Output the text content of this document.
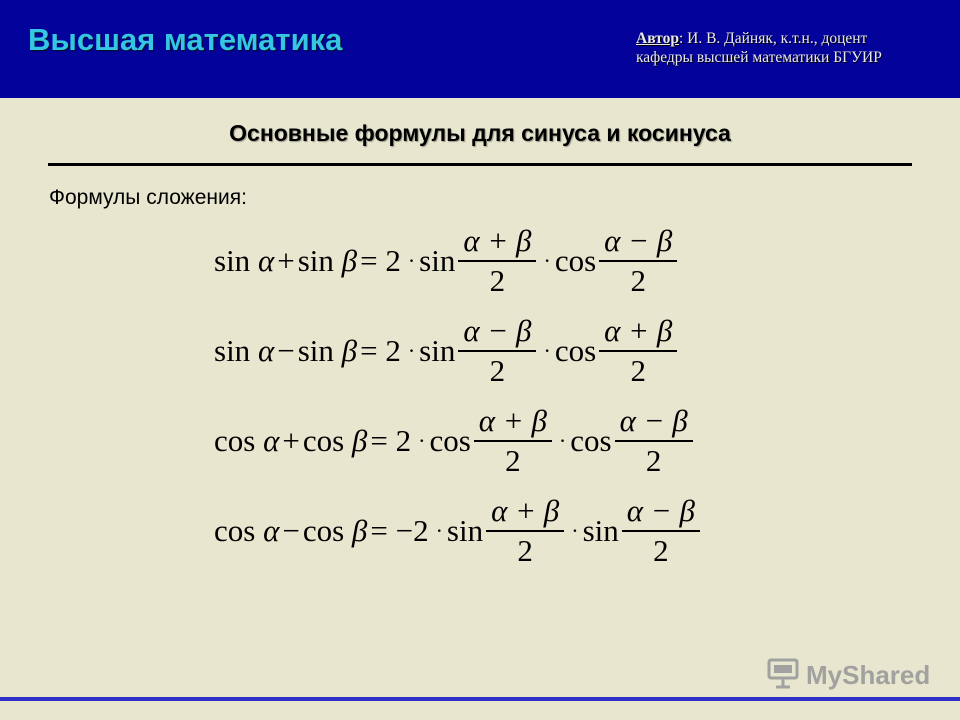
Высшая математика	Автор: И. В. Дайняк, к.т.н., доцент
кафедры высшей математики БГУИР
Основные формулы для синуса и косинуса
Формулы сложения:
sin
α + sin
$\beta = 2 \cdot \sin \frac{\alpha + \beta}{2} \cdot \cos \frac{\alpha - \beta}{2}$
sin
α − sin
$\beta = 2 \cdot \sin \frac{\alpha - \beta}{2} \cdot \cos \frac{\alpha + \beta}{2}$
cos
α + cos
$\beta = 2 \cdot \cos \frac{\alpha + \beta}{2} \cdot \cos \frac{\alpha - \beta}{2}$
cos
α − cos
$\beta = -2 \cdot \sin \frac{\alpha + \beta}{2} \cdot \sin \frac{\alpha - \beta}{2}$
MyShared
